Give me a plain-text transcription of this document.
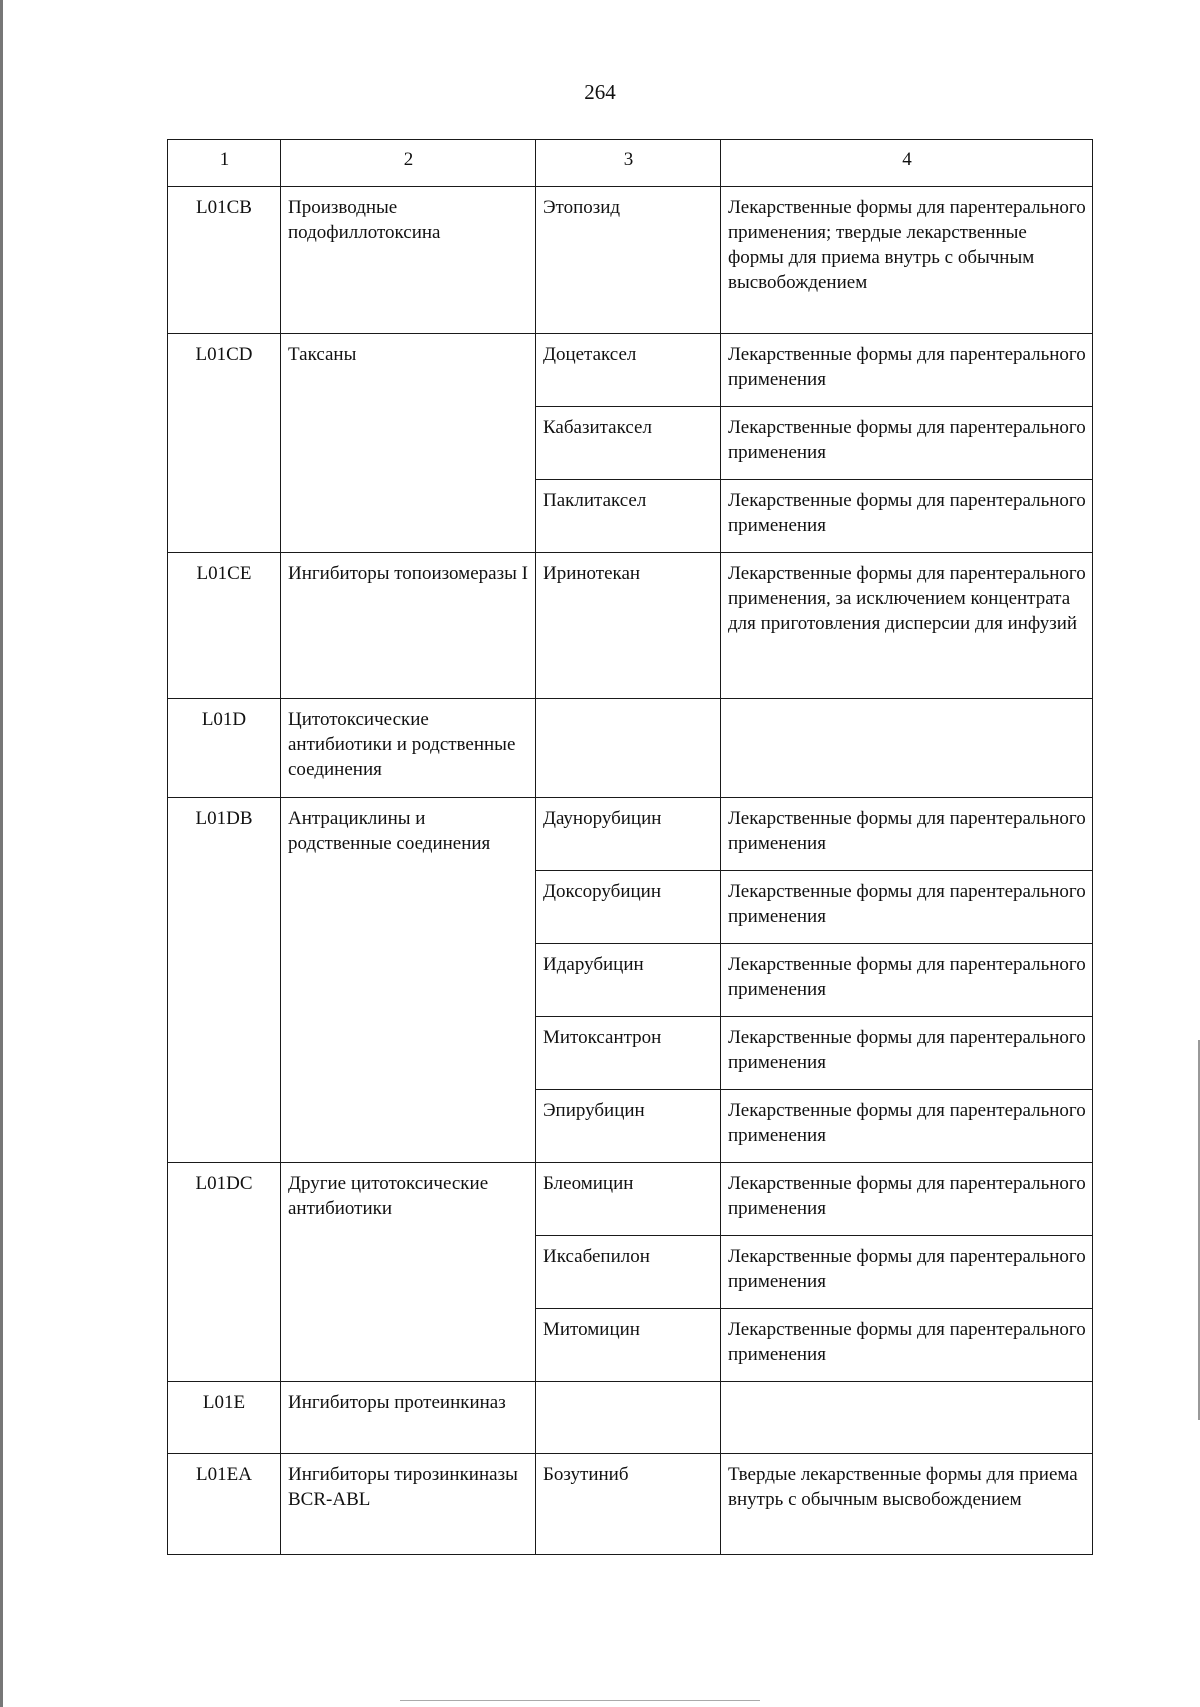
264
1	2	3	4
L01CB	Производные подофиллотоксина	Этопозид	Лекарственные формы для парентерального применения; твердые лекарственные формы для приема внутрь с обычным высвобождением
L01CD	Таксаны	Доцетаксел	Лекарственные формы для парентерального применения
		Кабазитаксел	Лекарственные формы для парентерального применения
		Паклитаксел	Лекарственные формы для парентерального применения
L01CE	Ингибиторы топоизомеразы I	Иринотекан	Лекарственные формы для парентерального применения, за исключением концентрата для приготовления дисперсии для инфузий
L01D	Цитотоксические антибиотики и родственные соединения		
L01DB	Антрациклины и родственные соединения	Даунорубицин	Лекарственные формы для парентерального применения
		Доксорубицин	Лекарственные формы для парентерального применения
		Идарубицин	Лекарственные формы для парентерального применения
		Митоксантрон	Лекарственные формы для парентерального применения
		Эпирубицин	Лекарственные формы для парентерального применения
L01DC	Другие цитотоксические антибиотики	Блеомицин	Лекарственные формы для парентерального применения
		Иксабепилон	Лекарственные формы для парентерального применения
		Митомицин	Лекарственные формы для парентерального применения
L01E	Ингибиторы протеинкиназ		
L01EA	Ингибиторы тирозинкиназы BCR-ABL	Бозутиниб	Твердые лекарственные формы для приема внутрь с обычным высвобождением
